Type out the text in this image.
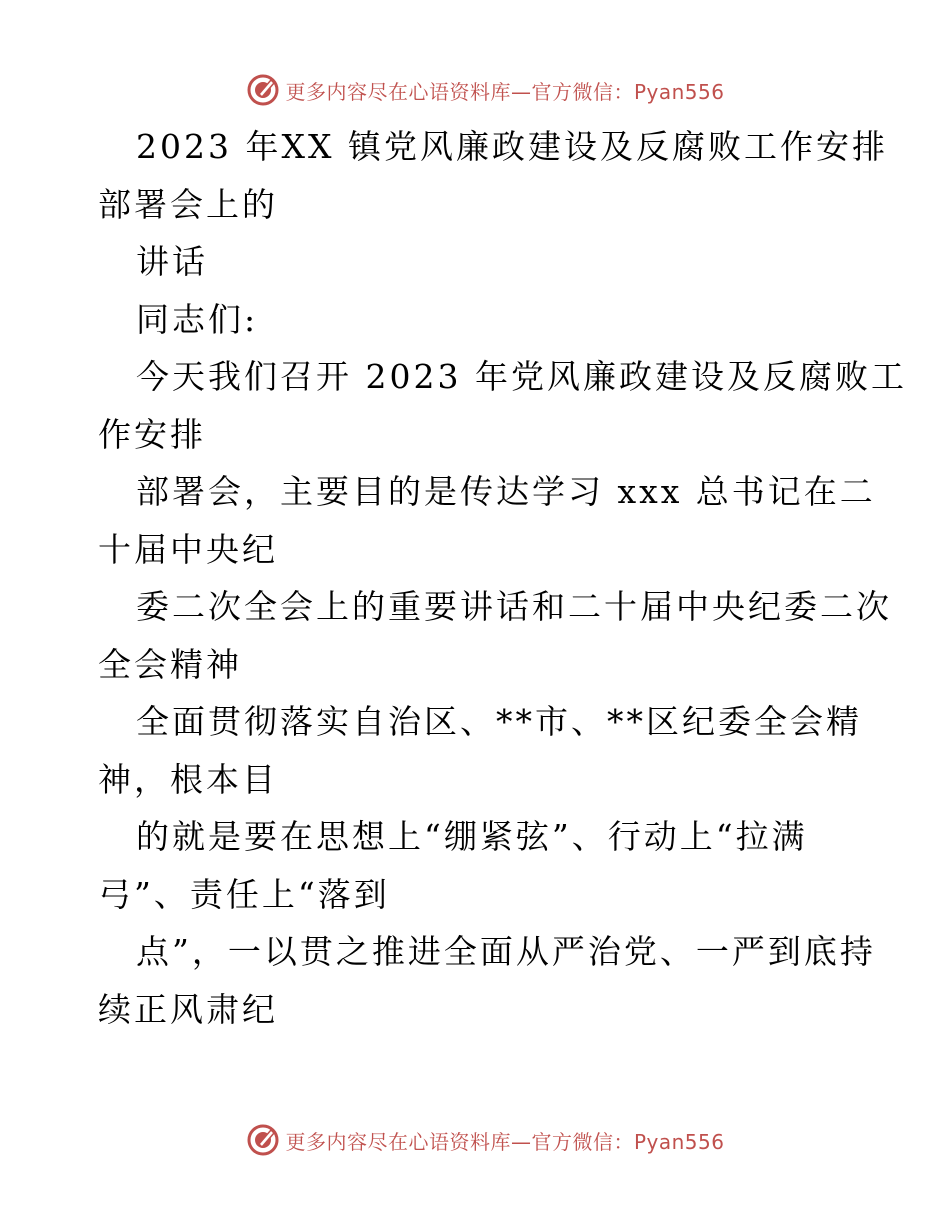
更多内容尽在心语资料库—官方微信：Pyan556
2023 年XX 镇党风廉政建设及反腐败工作安排
部署会上的
讲话
同志们:
今天我们召开 2023 年党风廉政建设及反腐败工
作安排
部署会，主要目的是传达学习 xxx 总书记在二
十届中央纪
委二次全会上的重要讲话和二十届中央纪委二次
全会精神
全面贯彻落实自治区、**市、**区纪委全会精
神，根本目
的就是要在思想上“绷紧弦”、行动上“拉满
弓”、责任上“落到
点”，一以贯之推进全面从严治党、一严到底持
续正风肃纪
更多内容尽在心语资料库—官方微信：Pyan556
